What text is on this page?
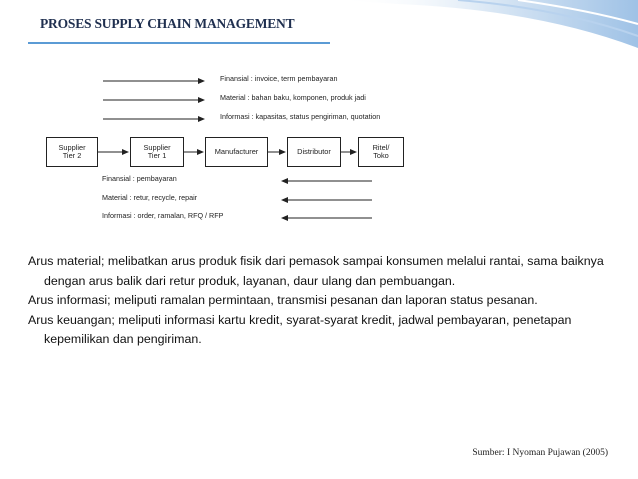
PROSES SUPPLY CHAIN MANAGEMENT
Finansial : invoice, term pembayaran
Material : bahan baku, komponen, produk jadi
Informasi : kapasitas, status pengiriman, quotation
Supplier
Tier 2
Supplier
Tier 1	Manufacturer	Distributor	Ritel/
Toko
Finansial : pembayaran
Material : retur, recycle, repair
Informasi : order, ramalan, RFQ / RFP

Arus material; melibatkan arus produk fisik dari pemasok sampai konsumen melalui rantai, sama baiknya dengan arus balik dari retur produk, layanan, daur ulang dan pembuangan.

Arus informasi; meliputi ramalan permintaan, transmisi pesanan dan laporan status pesanan.

Arus keuangan; meliputi informasi kartu kredit, syarat-syarat kredit, jadwal pembayaran, penetapan kepemilikan dan pengiriman.

Sumber: I Nyoman Pujawan (2005)
